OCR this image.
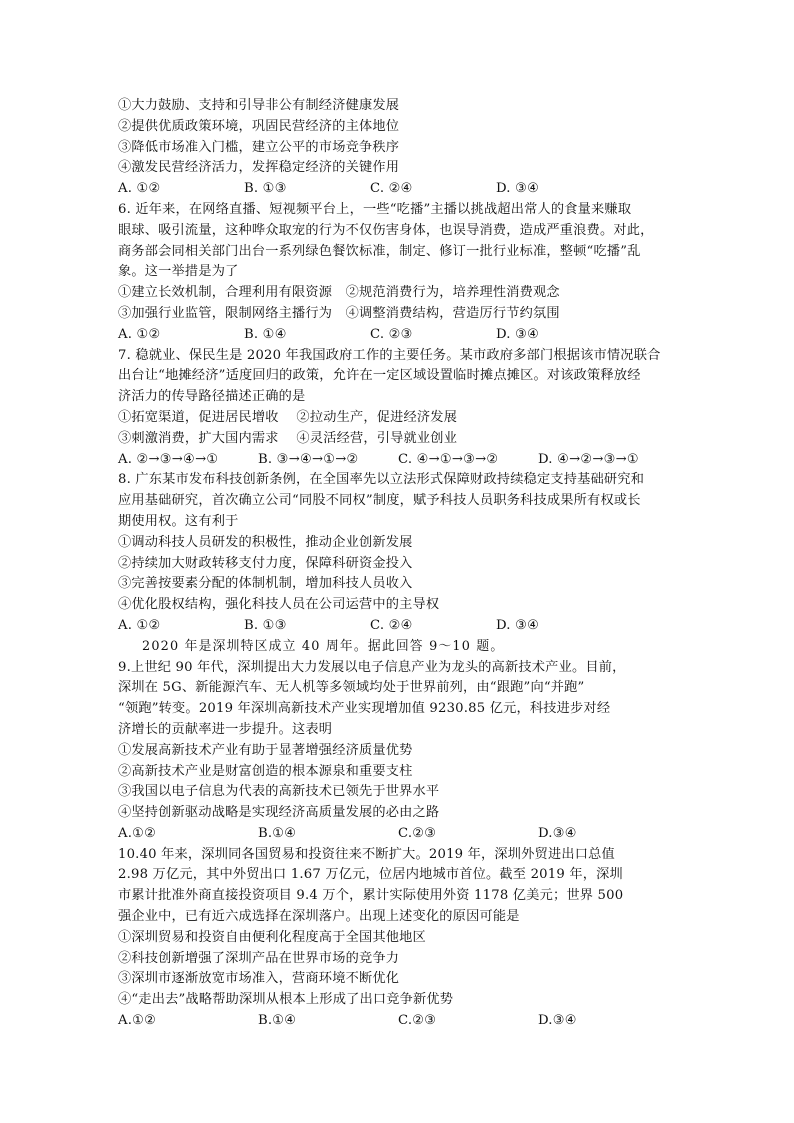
①大力鼓励、支持和引导非公有制经济健康发展
②提供优质政策环境，巩固民营经济的主体地位
③降低市场准入门槛，建立公平的市场竞争秩序
④激发民营经济活力，发挥稳定经济的关键作用
A. ①②	B. ①③	C. ②④	D. ③④
6. 近年来，在网络直播、短视频平台上，一些“吃播”主播以挑战超出常人的食量来赚取
眼球、吸引流量，这种哗众取宠的行为不仅伤害身体，也误导消费，造成严重浪费。对此，
商务部会同相关部门出台一系列绿色餐饮标准，制定、修订一批行业标准，整顿“吃播”乱
象。这一举措是为了
①建立长效机制，合理利用有限资源　②规范消费行为，培养理性消费观念
③加强行业监管，限制网络主播行为　④调整消费结构，营造厉行节约氛围
A. ①②	B. ①④	C. ②③	D. ③④
7. 稳就业、保民生是 2020 年我国政府工作的主要任务。某市政府多部门根据该市情况联合
出台让“地摊经济”适度回归的政策，允许在一定区域设置临时摊点摊区。对该政策释放经
济活力的传导路径描述正确的是
①拓宽渠道，促进居民增收　 ②拉动生产，促进经济发展
③刺激消费，扩大国内需求　 ④灵活经营，引导就业创业
A. ②→③→④→①	B. ③→④→①→②	C. ④→①→③→②	D. ④→②→③→①
8. 广东某市发布科技创新条例，在全国率先以立法形式保障财政持续稳定支持基础研究和
应用基础研究，首次确立公司“同股不同权”制度，赋予科技人员职务科技成果所有权或长
期使用权。这有利于
①调动科技人员研发的积极性，推动企业创新发展
②持续加大财政转移支付力度，保障科研资金投入
③完善按要素分配的体制机制，增加科技人员收入
④优化股权结构，强化科技人员在公司运营中的主导权
A. ①②	B. ①③	C. ②④	D. ③④
2020 年是深圳特区成立 40 周年。据此回答 9～10 题。
9.上世纪 90 年代，深圳提出大力发展以电子信息产业为龙头的高新技术产业。目前，
深圳在 5G、新能源汽车、无人机等多领域均处于世界前列，由“跟跑”向“并跑”
“领跑”转变。2019 年深圳高新技术产业实现增加值 9230.85 亿元，科技进步对经
济增长的贡献率进一步提升。这表明
①发展高新技术产业有助于显著增强经济质量优势
②高新技术产业是财富创造的根本源泉和重要支柱
③我国以电子信息为代表的高新技术已领先于世界水平
④坚持创新驱动战略是实现经济高质量发展的必由之路
A.①②	B.①④	C.②③	D.③④
10.40 年来，深圳同各国贸易和投资往来不断扩大。2019 年，深圳外贸进出口总值
2.98 万亿元，其中外贸出口 1.67 万亿元，位居内地城市首位。截至 2019 年，深圳
市累计批准外商直接投资项目 9.4 万个，累计实际使用外资 1178 亿美元；世界 500
强企业中，已有近六成选择在深圳落户。出现上述变化的原因可能是
①深圳贸易和投资自由便利化程度高于全国其他地区
②科技创新增强了深圳产品在世界市场的竞争力
③深圳市逐渐放宽市场准入，营商环境不断优化
④“走出去”战略帮助深圳从根本上形成了出口竞争新优势
A.①②	B.①④	C.②③	D.③④
